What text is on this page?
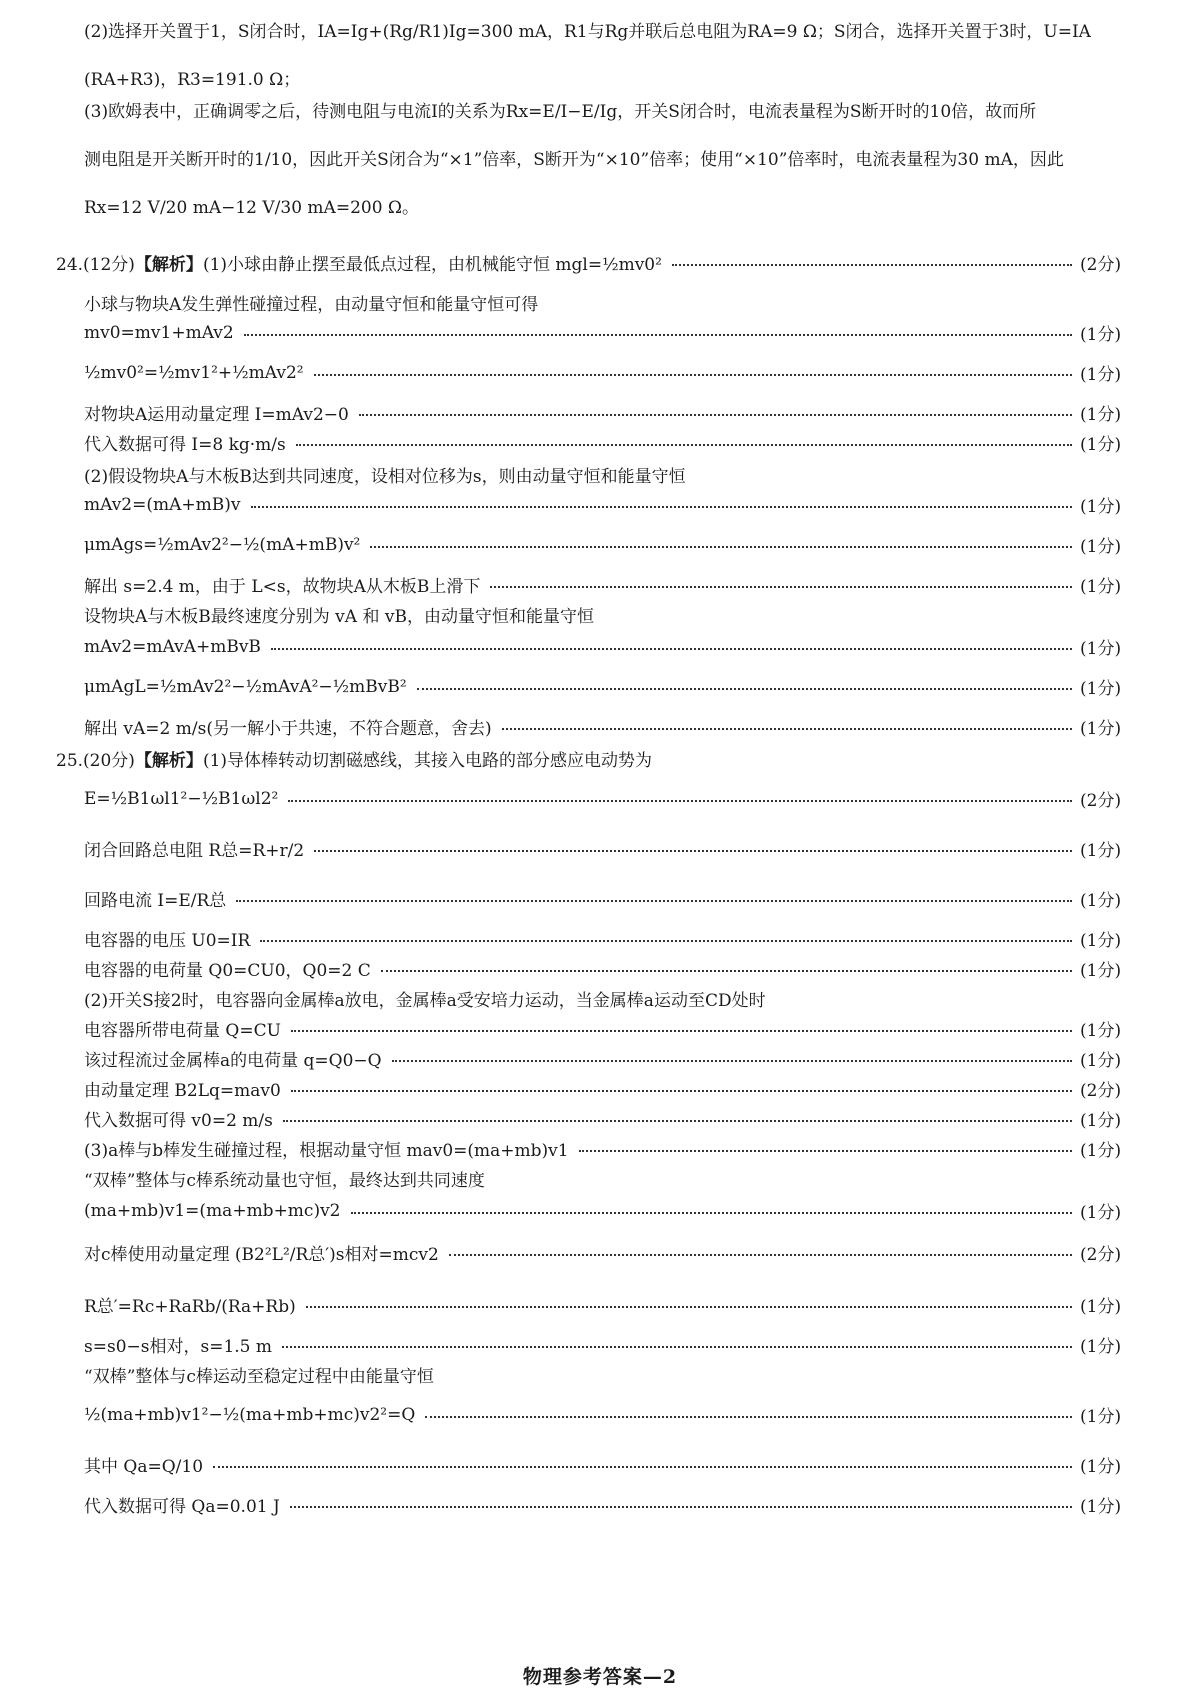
(2)选择开关置于1，S闭合时，IA=Ig+(Rg/R1)Ig=300 mA，R1与Rg并联后总电阻为RA=9 Ω；S闭合，选择开关置于3时，U=IA
(RA+R3)，R3=191.0 Ω；
(3)欧姆表中，正确调零之后，待测电阻与电流I的关系为Rx=E/I−E/Ig，开关S闭合时，电流表量程为S断开时的10倍，故而所
测电阻是开关断开时的1/10，因此开关S闭合为“×1”倍率，S断开为“×10”倍率；使用“×10”倍率时，电流表量程为30 mA，因此
Rx=12 V/20 mA−12 V/30 mA=200 Ω。
24.(12分)【解析】(1)小球由静止摆至最低点过程，由机械能守恒 mgl=½mv0²	(2分)
小球与物块A发生弹性碰撞过程，由动量守恒和能量守恒可得
mv0=mv1+mAv2	(1分)
½mv0²=½mv1²+½mAv2²	(1分)
对物块A运用动量定理 I=mAv2−0	(1分)
代入数据可得 I=8 kg·m/s	(1分)
(2)假设物块A与木板B达到共同速度，设相对位移为s，则由动量守恒和能量守恒
mAv2=(mA+mB)v	(1分)
μmAgs=½mAv2²−½(mA+mB)v²	(1分)
解出 s=2.4 m，由于 L<s，故物块A从木板B上滑下	(1分)
设物块A与木板B最终速度分别为 vA 和 vB，由动量守恒和能量守恒
mAv2=mAvA+mBvB	(1分)
μmAgL=½mAv2²−½mAvA²−½mBvB²	(1分)
解出 vA=2 m/s(另一解小于共速，不符合题意，舍去)	(1分)
25.(20分)【解析】(1)导体棒转动切割磁感线，其接入电路的部分感应电动势为
E=½B1ωl1²−½B1ωl2²	(2分)
闭合回路总电阻 R总=R+r/2	(1分)
回路电流 I=E/R总	(1分)
电容器的电压 U0=IR	(1分)
电容器的电荷量 Q0=CU0，Q0=2 C	(1分)
(2)开关S接2时，电容器向金属棒a放电，金属棒a受安培力运动，当金属棒a运动至CD处时
电容器所带电荷量 Q=CU	(1分)
该过程流过金属棒a的电荷量 q=Q0−Q	(1分)
由动量定理 B2Lq=mav0	(2分)
代入数据可得 v0=2 m/s	(1分)
(3)a棒与b棒发生碰撞过程，根据动量守恒 mav0=(ma+mb)v1	(1分)
“双棒”整体与c棒系统动量也守恒，最终达到共同速度
(ma+mb)v1=(ma+mb+mc)v2	(1分)
对c棒使用动量定理 (B2²L²/R总′)s相对=mcv2	(2分)
R总′=Rc+RaRb/(Ra+Rb)	(1分)
s=s0−s相对，s=1.5 m	(1分)
“双棒”整体与c棒运动至稳定过程中由能量守恒
½(ma+mb)v1²−½(ma+mb+mc)v2²=Q	(1分)
其中 Qa=Q/10	(1分)
代入数据可得 Qa=0.01 J	(1分)
物理参考答案—2
